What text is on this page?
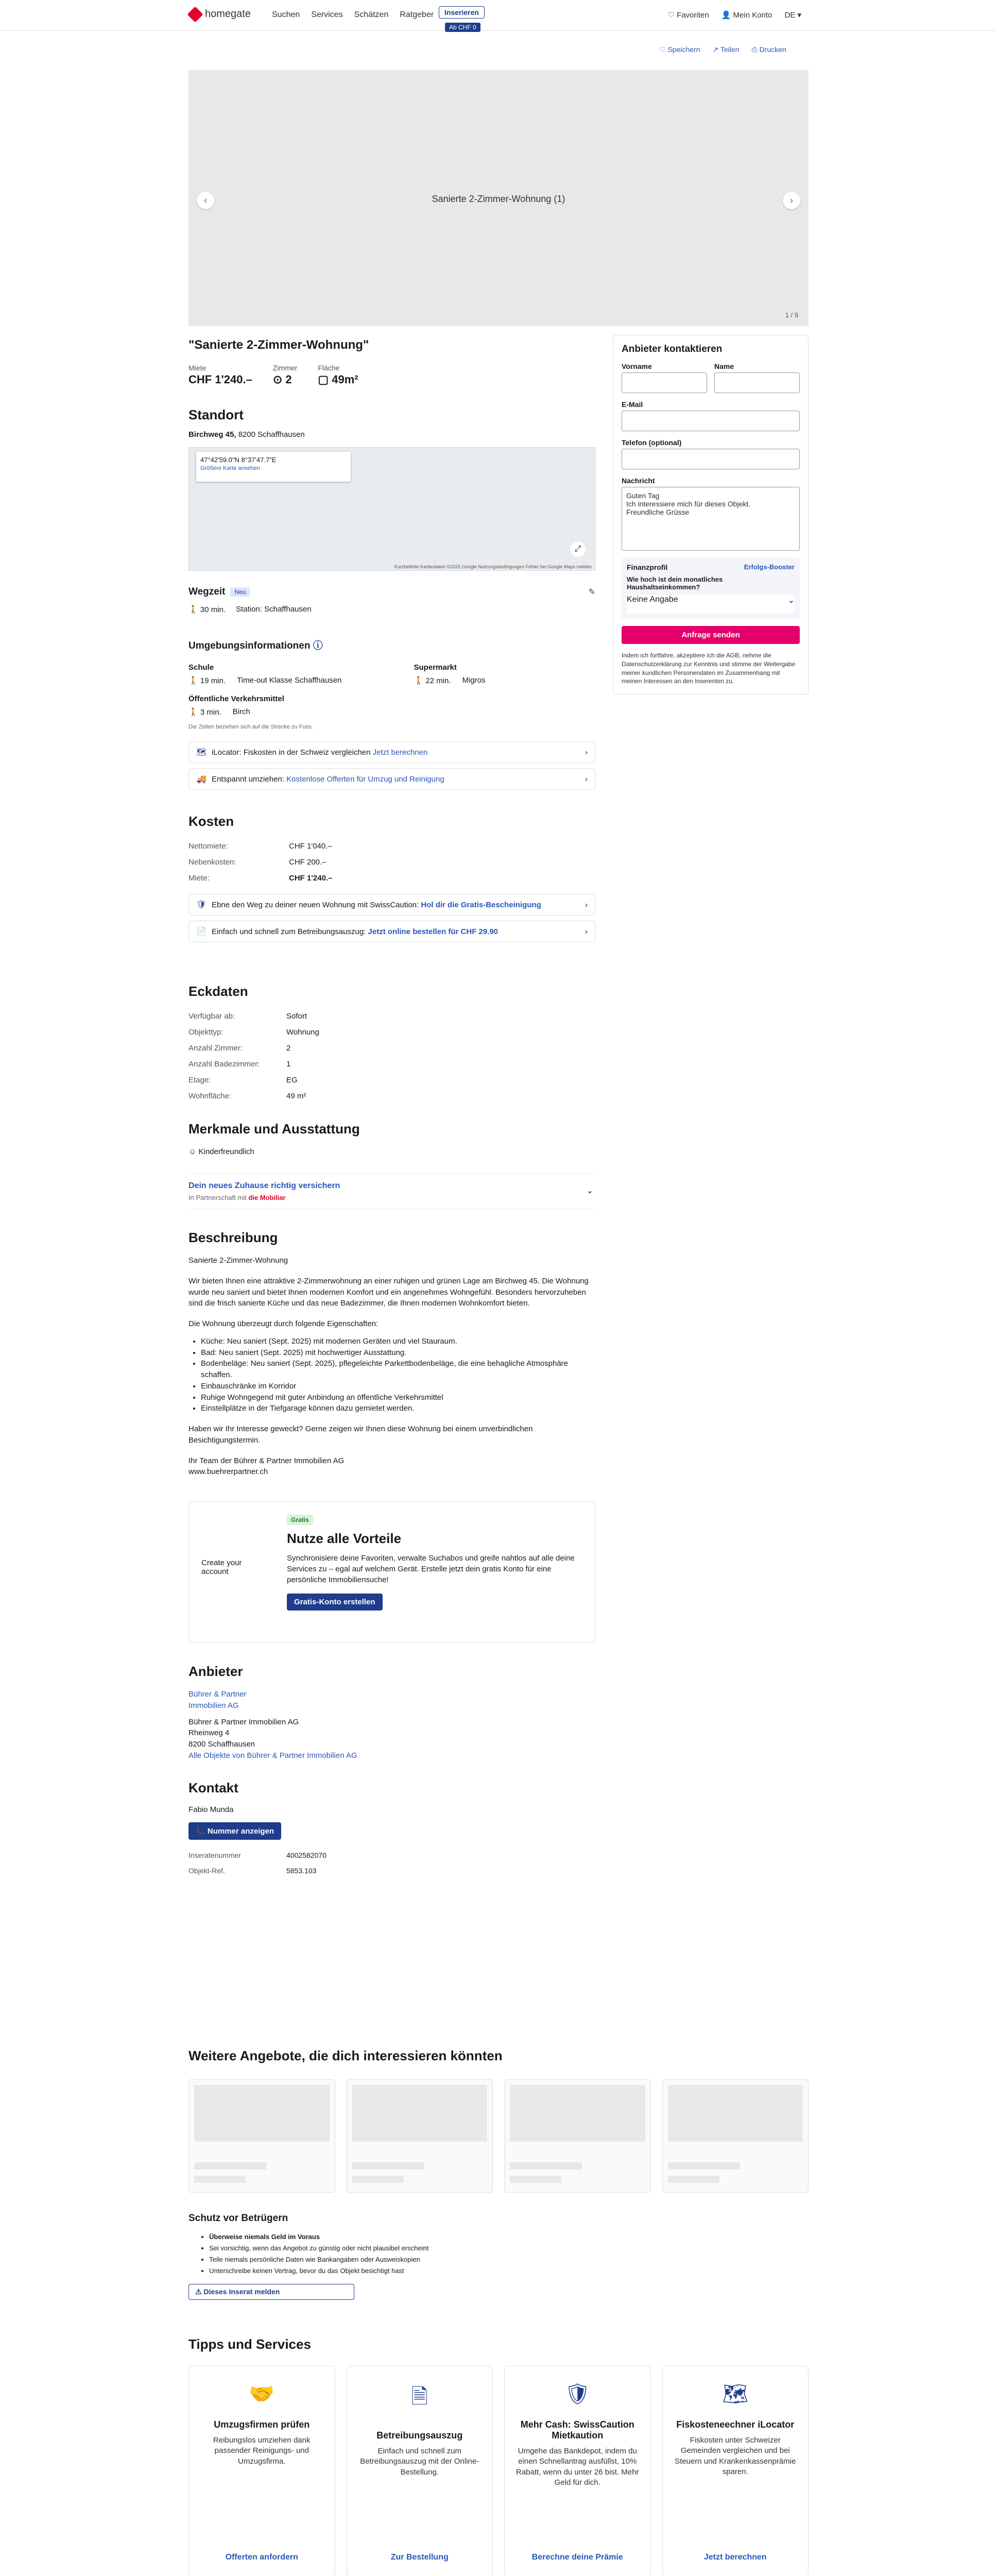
homegate	Suchen Services Schätzen Ratgeber	Inserieren
Ab CHF 0
♡ Favoriten 👤 Mein Konto DE ▾
♡ Speichern ↗ Teilen ⎙ Drucken
‹	Sanierte 2-Zimmer-Wohnung (1)	›
1 / 9
"Sanierte 2-Zimmer-Wohnung"
Miete
CHF 1'240.–
Zimmer
⊙ 2
Fläche
▢ 49m²
Standort
Birchweg 45, 8200 Schaffhausen
47°42'59.0"N 8°37'47.7"E
Größere Karte ansehen
⤢
Kurzbefehle Kartendaten ©2025 Google Nutzungsbedingungen Fehler bei Google Maps melden
Wegzeit	Neu	✎
🚶 30 min. Station: Schaffhausen
Umgebungsinformationen ⓘ
Schule
🚶 19 min. Time-out Klasse Schaffhausen
Supermarkt
🚶 22 min. Migros
Öffentliche Verkehrsmittel
🚶 3 min. Birch
Die Zeiten beziehen sich auf die Strecke zu Fuss.
🗺 iLocator: Fiskosten in der Schweiz vergleichen Jetzt berechnen	›
🚚 Entspannt umziehen: Kostenlose Offerten für Umzug und Reinigung	›
Kosten
Nettomiete:	CHF 1'040.–
Nebenkosten:	CHF 200.–
Miete:	CHF 1'240.–
🛡 Ebne den Weg zu deiner neuen Wohnung mit SwissCaution: Hol dir die Gratis-Bescheinigung	›
📄 Einfach und schnell zum Betreibungsauszug: Jetzt online bestellen für CHF 29.90	›
Eckdaten
Verfügbar ab:	Sofort
Objekttyp:	Wohnung
Anzahl Zimmer:	2
Anzahl Badezimmer:	1
Etage:	EG
Wohnfläche:	49 m²
Merkmale und Ausstattung
☺ Kinderfreundlich
Dein neues Zuhause richtig versichern
In Partnerschaft mit die Mobiliar
⌄
Beschreibung

Sanierte 2-Zimmer-Wohnung

Wir bieten Ihnen eine attraktive 2-Zimmerwohnung an einer ruhigen und grünen Lage am Birchweg 45. Die Wohnung wurde neu saniert und bietet Ihnen modernen Komfort und ein angenehmes Wohngefühl. Besonders hervorzuheben sind die frisch sanierte Küche und das neue Badezimmer, die Ihnen modernen Wohnkomfort bieten.

Die Wohnung überzeugt durch folgende Eigenschaften:

• Küche: Neu saniert (Sept. 2025) mit modernen Geräten und viel Stauraum.
• Bad: Neu saniert (Sept. 2025) mit hochwertiger Ausstattung.
• Bodenbeläge: Neu saniert (Sept. 2025), pflegeleichte Parkettbodenbeläge, die eine behagliche Atmosphäre schaffen.
• Einbauschränke im Korridor
• Ruhige Wohngegend mit guter Anbindung an öffentliche Verkehrsmittel
• Einstellplätze in der Tiefgarage können dazu gemietet werden.

Haben wir Ihr Interesse geweckt? Gerne zeigen wir Ihnen diese Wohnung bei einem unverbindlichen Besichtigungstermin.

Ihr Team der Bührer & Partner Immobilien AG

www.buehrerpartner.ch

Create your account
Gratis
Nutze alle Vorteile
Synchronisiere deine Favoriten, verwalte Suchabos und greife nahtlos auf alle deine Services zu – egal auf welchem Gerät. Erstelle jetzt dein gratis Konto für eine persönliche Immobiliensuche!
Gratis-Konto erstellen
Anbieter
Bührer & Partner Immobilien AG
Bührer & Partner Immobilien AG
Rheinweg 4
8200 Schaffhausen
Alle Objekte von Bührer & Partner Immobilien AG
Kontakt
Fabio Munda
📞 Nummer anzeigen
Inseratenummer	4002582070
Objekt-Ref.	5853.103
Anbieter kontaktieren
Vorname	Name
E-Mail
Telefon (optional)
Nachricht
Guten Tag
Ich interessiere mich für dieses Objekt.
Freundliche Grüsse
Finanzprofil	Erfolgs-Booster
Wie hoch ist dein monatliches Haushaltseinkommen?
Keine Angabe	⌄
Anfrage senden
Indem ich fortfahre, akzeptiere ich die AGB, nehme die Datenschutzerklärung zur Kenntnis und stimme der Weitergabe meiner kundlichen Personendaten im Zusammenhang mit meinen Interessen an den Inserenten zu.
Weitere Angebote, die dich interessieren könnten
Schutz vor Betrügern
• Überweise niemals Geld im Voraus
• Sei vorsichtig, wenn das Angebot zu günstig oder nicht plausibel erscheint
• Teile niemals persönliche Daten wie Bankangaben oder Ausweiskopien
• Unterschreibe keinen Vertrag, bevor du das Objekt besichtigt hast
⚠ Dieses Inserat melden
Tipps und Services
🤝
Umzugsfirmen prüfen

Reibungslos umziehen dank passender Reinigungs- und Umzugsfirma.

Offerten anfordern
🗎
Betreibungsauszug

Einfach und schnell zum Betreibungsauszug mit der Online-Bestellung.

Zur Bestellung
🛡
Mehr Cash: SwissCaution Mietkaution

Umgehe das Bankdepot, indem du einen Schnellantrag ausfüllst, 10% Rabatt, wenn du unter 26 bist. Mehr Geld für dich.

Berechne deine Prämie
🗺
Fiskosteneechner iLocator

Fiskosten unter Schweizer Gemeinden vergleichen und bei Steuern und Krankenkassenprämie sparen.

Jetzt berechnen
